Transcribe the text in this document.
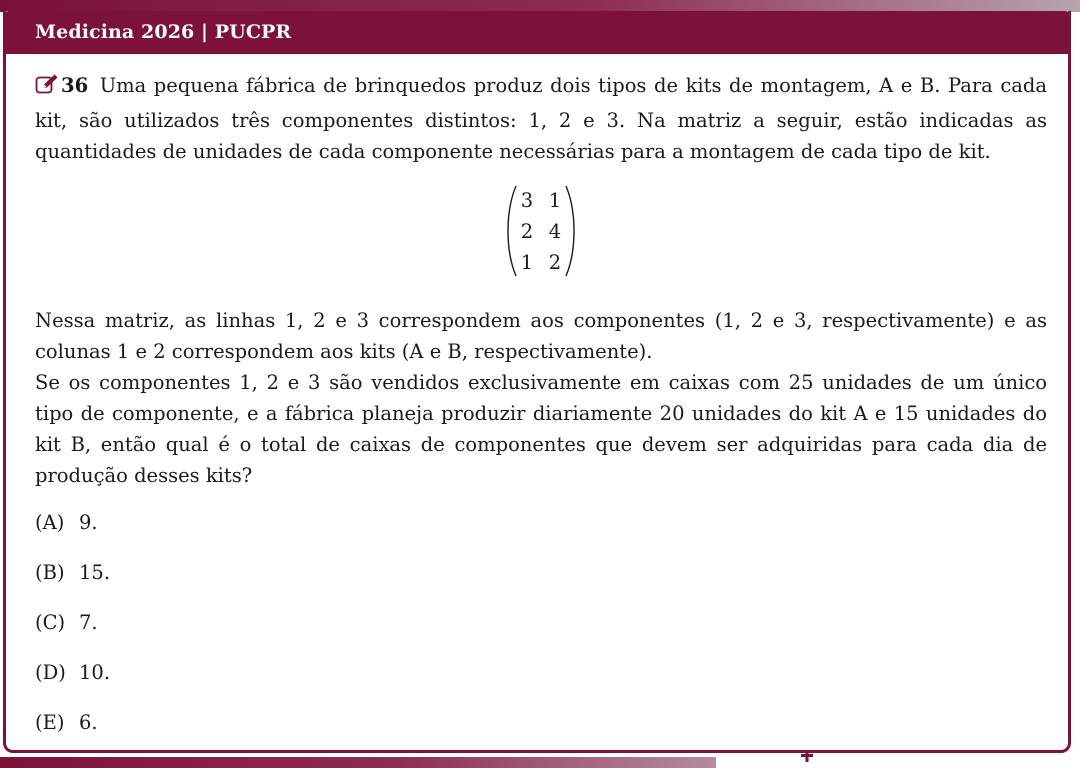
Medicina 2026 | PUCPR

36 Uma pequena fábrica de brinquedos produz dois tipos de kits de montagem, A e B. Para cada kit, são utilizados três componentes distintos: 1, 2 e 3. Na matriz a seguir, estão indicadas as quantidades de unidades de cada componente necessárias para a montagem de cada tipo de kit.

3 1
2 4
1 2

Nessa matriz, as linhas 1, 2 e 3 correspondem aos componentes (1, 2 e 3, respectivamente) e as colunas 1 e 2 correspondem aos kits (A e B, respectivamente).

Se os componentes 1, 2 e 3 são vendidos exclusivamente em caixas com 25 unidades de um único tipo de componente, e a fábrica planeja produzir diariamente 20 unidades do kit A e 15 unidades do kit B, então qual é o total de caixas de componentes que devem ser adquiridas para cada dia de produção desses kits?

(A) 9.
(B) 15.
(C) 7.
(D) 10.
(E) 6.
